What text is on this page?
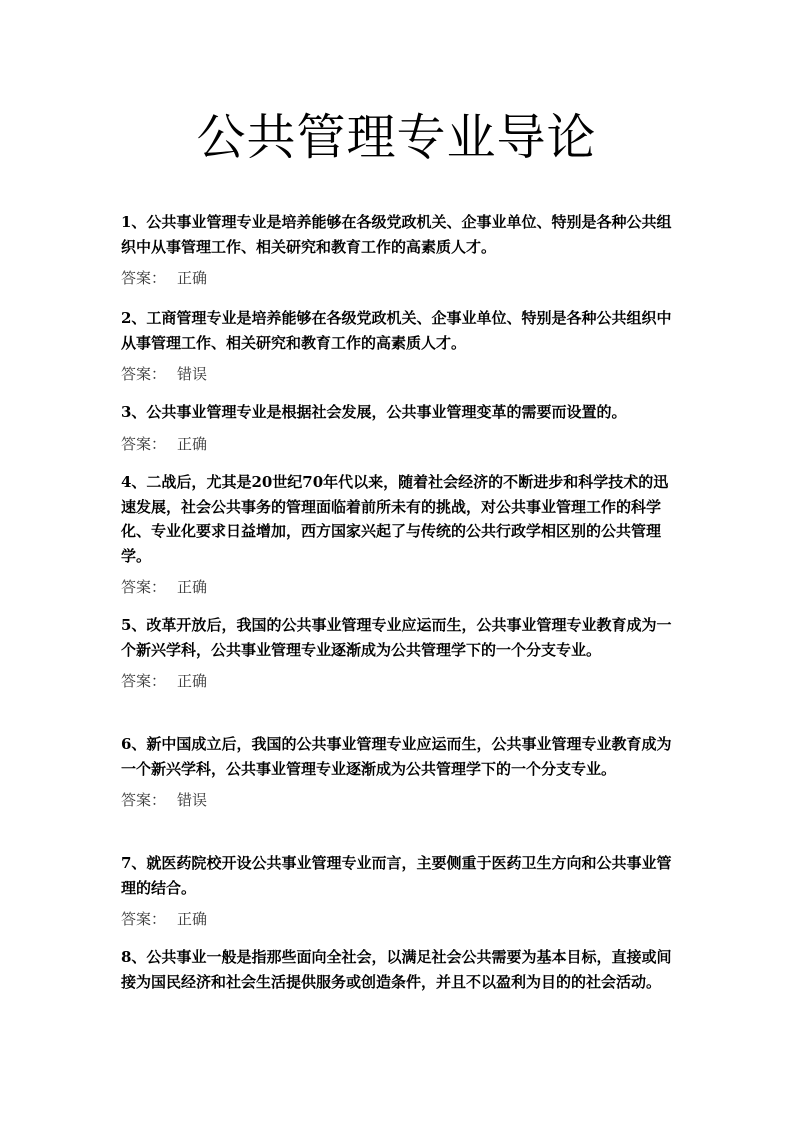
公共管理专业导论

1、公共事业管理专业是培养能够在各级党政机关、企事业单位、特别是各种公共组织中从事管理工作、相关研究和教育工作的高素质人才。

答案： 正确

2、工商管理专业是培养能够在各级党政机关、企事业单位、特别是各种公共组织中从事管理工作、相关研究和教育工作的高素质人才。

答案： 错误

3、公共事业管理专业是根据社会发展，公共事业管理变革的需要而设置的。

答案： 正确

4、二战后，尤其是20世纪70年代以来，随着社会经济的不断进步和科学技术的迅速发展，社会公共事务的管理面临着前所未有的挑战，对公共事业管理工作的科学化、专业化要求日益增加，西方国家兴起了与传统的公共行政学相区别的公共管理学。

答案： 正确

5、改革开放后，我国的公共事业管理专业应运而生，公共事业管理专业教育成为一个新兴学科，公共事业管理专业逐渐成为公共管理学下的一个分支专业。

答案： 正确

6、新中国成立后，我国的公共事业管理专业应运而生，公共事业管理专业教育成为一个新兴学科，公共事业管理专业逐渐成为公共管理学下的一个分支专业。

答案： 错误

7、就医药院校开设公共事业管理专业而言，主要侧重于医药卫生方向和公共事业管理的结合。

答案： 正确

8、公共事业一般是指那些面向全社会，以满足社会公共需要为基本目标，直接或间接为国民经济和社会生活提供服务或创造条件，并且不以盈利为目的的社会活动。
